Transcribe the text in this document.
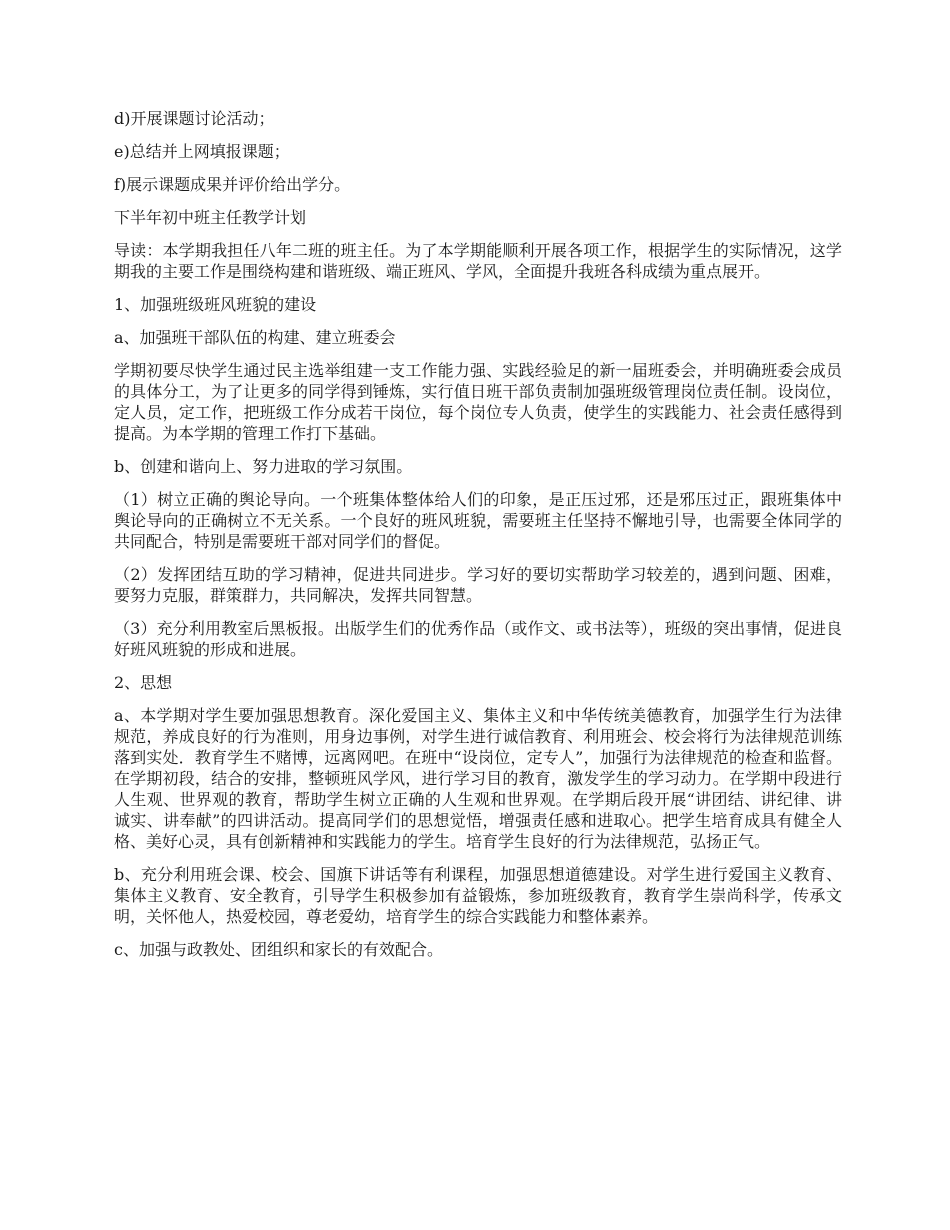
d)开展课题讨论活动；

e)总结并上网填报课题；

f)展示课题成果并评价给出学分。

下半年初中班主任教学计划

导读：本学期我担任八年二班的班主任。为了本学期能顺利开展各项工作，根据学生的实际情况，这学期我的主要工作是围绕构建和谐班级、端正班风、学风，全面提升我班各科成绩为重点展开。

1、加强班级班风班貌的建设

a、加强班干部队伍的构建、建立班委会

学期初要尽快学生通过民主选举组建一支工作能力强、实践经验足的新一届班委会，并明确班委会成员的具体分工，为了让更多的同学得到锤炼，实行值日班干部负责制加强班级管理岗位责任制。设岗位，定人员，定工作，把班级工作分成若干岗位，每个岗位专人负责，使学生的实践能力、社会责任感得到提高。为本学期的管理工作打下基础。

b、创建和谐向上、努力进取的学习氛围。

（1）树立正确的舆论导向。一个班集体整体给人们的印象，是正压过邪，还是邪压过正，跟班集体中舆论导向的正确树立不无关系。一个良好的班风班貌，需要班主任坚持不懈地引导，也需要全体同学的共同配合，特别是需要班干部对同学们的督促。

（2）发挥团结互助的学习精神，促进共同进步。学习好的要切实帮助学习较差的，遇到问题、困难，要努力克服，群策群力，共同解决，发挥共同智慧。

（3）充分利用教室后黑板报。出版学生们的优秀作品（或作文、或书法等），班级的突出事情，促进良好班风班貌的形成和进展。

2、思想

a、本学期对学生要加强思想教育。深化爱国主义、集体主义和中华传统美德教育，加强学生行为法律规范，养成良好的行为准则，用身边事例，对学生进行诚信教育、利用班会、校会将行为法律规范训练落到实处．教育学生不赌博，远离网吧。在班中“设岗位，定专人”，加强行为法律规范的检查和监督。在学期初段，结合的安排，整顿班风学风，进行学习目的教育，激发学生的学习动力。在学期中段进行人生观、世界观的教育，帮助学生树立正确的人生观和世界观。在学期后段开展“讲团结、讲纪律、讲诚实、讲奉献”的四讲活动。提高同学们的思想觉悟，增强责任感和进取心。把学生培育成具有健全人格、美好心灵，具有创新精神和实践能力的学生。培育学生良好的行为法律规范，弘扬正气。

b、充分利用班会课、校会、国旗下讲话等有利课程，加强思想道德建设。对学生进行爱国主义教育、集体主义教育、安全教育，引导学生积极参加有益锻炼，参加班级教育，教育学生崇尚科学，传承文明，关怀他人，热爱校园，尊老爱幼，培育学生的综合实践能力和整体素养。

c、加强与政教处、团组织和家长的有效配合。
